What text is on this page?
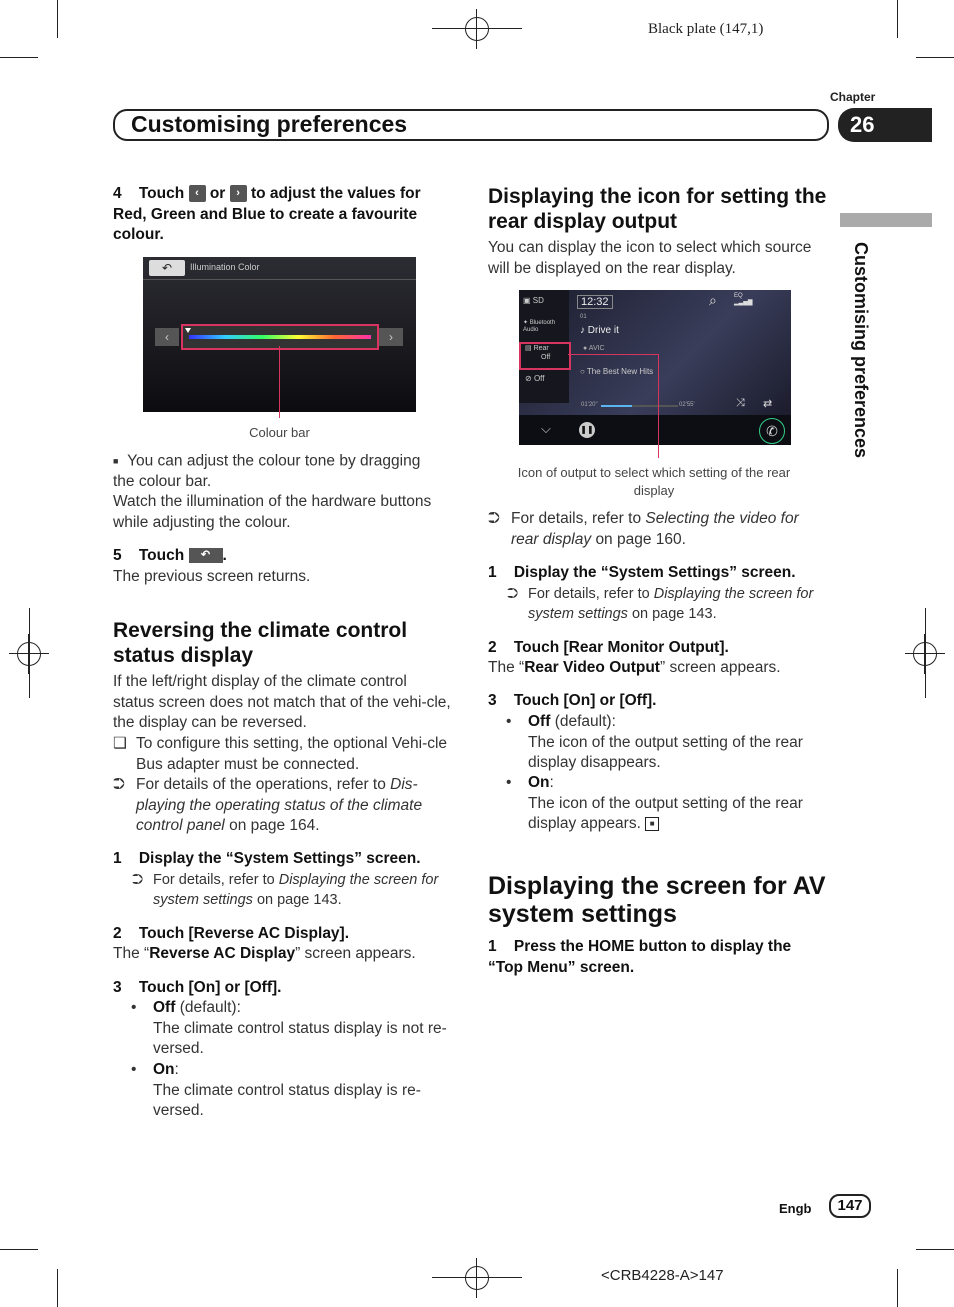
Black plate (147,1)
Chapter
Customising preferences	26
Customising preferences
4 Touch ‹ or › to adjust the values for Red, Green and Blue to create a favourite colour.
↶	Illumination Color
‹	›
Colour bar
■ You can adjust the colour tone by dragging the colour bar.
Watch the illumination of the hardware buttons while adjusting the colour.
5 Touch ↶ .
The previous screen returns.
Reversing the climate control status display
If the left/right display of the climate control status screen does not match that of the vehi-cle, the display can be reversed.
❑ To configure this setting, the optional Vehi-cle Bus adapter must be connected.
⮊ For details of the operations, refer to Dis-playing the operating status of the climate control panel on page 164.
1 Display the “System Settings” screen.
⮊ For details, refer to Displaying the screen for system settings on page 143.
2 Touch [Reverse AC Display].
The “Reverse AC Display” screen appears.
3 Touch [On] or [Off].
• Off (default):
The climate control status display is not re-versed.
• On:
The climate control status display is re-versed.
Displaying the icon for setting the rear display output
You can display the icon to select which source will be displayed on the rear display.
▣ SD
✦ Bluetooth Audio
▤ Rear
Off
⊘ Off
12:32	⌕	EQ
▂▃▅▇
01
♪ Drive it
● AVIC
○ The Best New Hits
01'20"	02'55'	⤨ ⇄
⌵	❚❚	✆
Icon of output to select which setting of the rear display
⮊ For details, refer to Selecting the video for rear display on page 160.
1 Display the “System Settings” screen.
⮊ For details, refer to Displaying the screen for system settings on page 143.
2 Touch [Rear Monitor Output].
The “Rear Video Output” screen appears.
3 Touch [On] or [Off].
• Off (default):
The icon of the output setting of the rear display disappears.
• On:
The icon of the output setting of the rear display appears. ■
Displaying the screen for AV system settings
1 Press the HOME button to display the “Top Menu” screen.
Engb	147
<CRB4228-A>147
